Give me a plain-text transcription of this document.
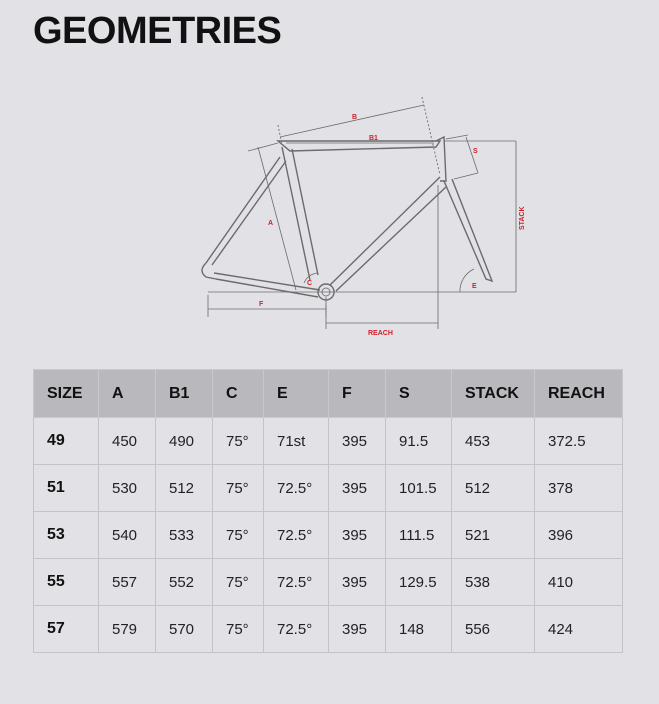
GEOMETRIES
B
B1
A
C
F
S
E
REACH
STACK
SIZE	A	B1	C	E	F	S	STACK	REACH
49	450	490	75°	71st	395	91.5	453	372.5
51	530	512	75°	72.5°	395	101.5	512	378
53	540	533	75°	72.5°	395	111.5	521	396
55	557	552	75°	72.5°	395	129.5	538	410
57	579	570	75°	72.5°	395	148	556	424
